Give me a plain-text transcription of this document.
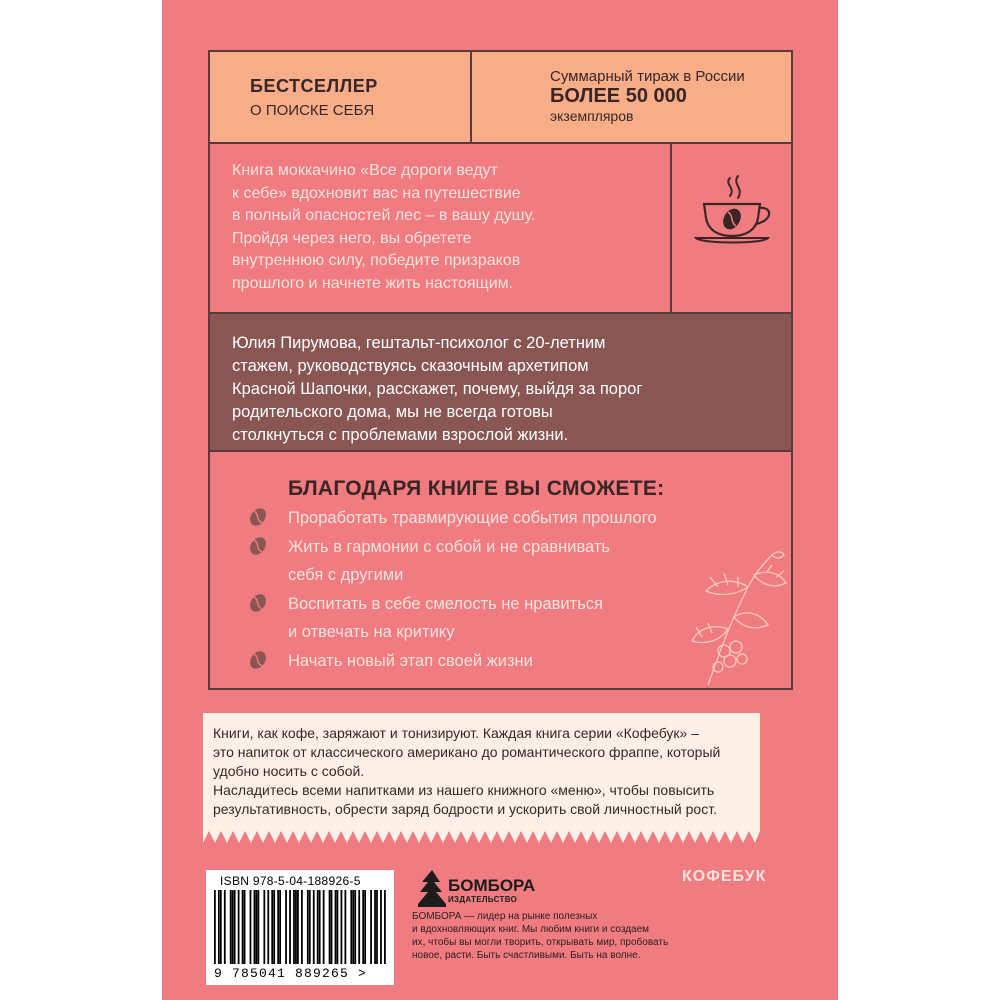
БЕСТСЕЛЛЕР
О ПОИСКЕ СЕБЯ
Суммарный тираж в России
БОЛЕЕ 50 000
экземпляров

Книга моккачино «Все дороги ведут
к себе» вдохновит вас на путешествие
в полный опасностей лес – в вашу душу.
Пройдя через него, вы обретете
внутреннюю силу, победите призраков
прошлого и начнете жить настоящим.

Юлия Пирумова, гештальт-психолог с 20-летним
стажем, руководствуясь сказочным архетипом
Красной Шапочки, расскажет, почему, выйдя за порог
родительского дома, мы не всегда готовы
столкнуться с проблемами взрослой жизни.

БЛАГОДАРЯ КНИГЕ ВЫ СМОЖЕТЕ:
Проработать травмирующие события прошлого
Жить в гармонии с собой и не сравнивать
себя с другими
Воспитать в себе смелость не нравиться
и отвечать на критику
Начать новый этап своей жизни

Книги, как кофе, заряжают и тонизируют. Каждая книга серии «Кофебук» –
это напиток от классического американо до романтического фраппе, который
удобно носить с собой.
Насладитесь всеми напитками из нашего книжного «меню», чтобы повысить
результативность, обрести заряд бодрости и ускорить свой личностный рост.

ISBN 978-5-04-188926-5
9 785041 889265 >
БОМБОРА
ИЗДАТЕЛЬСТВО

БОМБОРА — лидер на рынке полезных
и вдохновляющих книг. Мы любим книги и создаем
их, чтобы вы могли творить, открывать мир, пробовать
новое, расти. Быть счастливыми. Быть на волне.

КОФЕБУК
